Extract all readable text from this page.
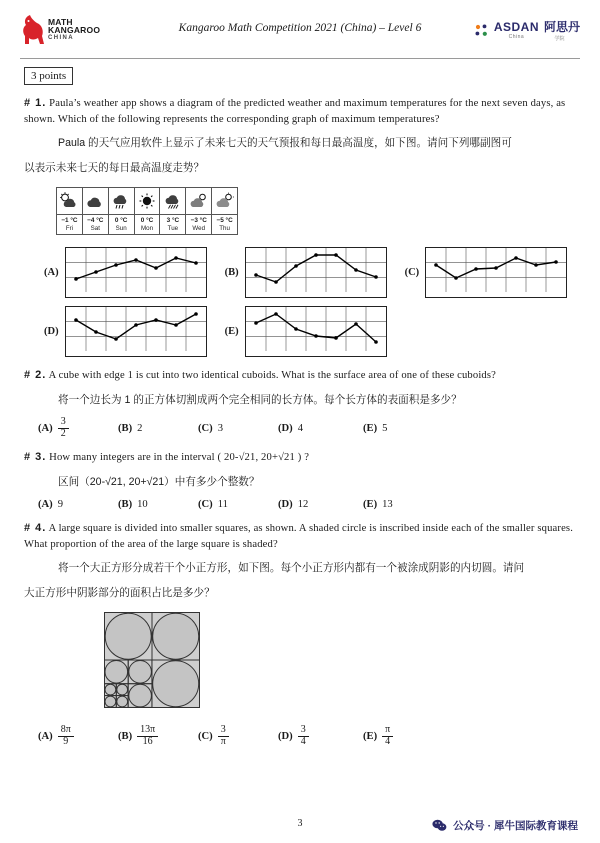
MATH
KANGAROO
CHINA
Kangaroo Math Competition 2021 (China) – Level 6	ASDAN
China
阿思丹
学院
3 points
# 1. Paula’s weather app shows a diagram of the predicted weather and maximum temperatures for the next seven days, as shown. Which of the following represents the corresponding graph of maximum temperatures?
Paula 的天气应用软件上显示了未来七天的天气预报和每日最高温度，如下图。请问下列哪副图可
以表示未来七天的每日最高温度走势？
−1 °C
Fri
−4 °C
Sat
0 °C
Sun
0 °C
Mon
3 °C
Tue
−3 °C
Wed
−5 °C
Thu
(A)	(B)	(C)
(D)	(E)
# 2. A cube with edge 1 is cut into two identical cuboids. What is the surface area of one of these cuboids?
将一个边长为 1 的正方体切割成两个完全相同的长方体。每个长方体的表面积是多少？
$(A) \frac{3}{2}$	(B) 2	(C) 3	(D) 4	(E) 5
# 3. How many integers are in the interval ( 20-√21, 20+√21 ) ?
区间（20-√21, 20+√21）中有多少个整数？
(A) 9	(B) 10	(C) 11	(D) 12	(E) 13
# 4. A large square is divided into smaller squares, as shown. A shaded circle is inscribed inside each of the smaller squares. What proportion of the area of the large square is shaded?
将一个大正方形分成若干个小正方形，如下图。每个小正方形内都有一个被涂成阴影的内切圆。请问
大正方形中阴影部分的面积占比是多少？
$(A) \frac{8\pi}{9}$	$(B) \frac{13\pi}{16}$	$(C) \frac{3}{\pi}$	$(D) \frac{3}{4}$	$(E) \frac{\pi}{4}$
3	公众号 · 犀牛国际教育课程
